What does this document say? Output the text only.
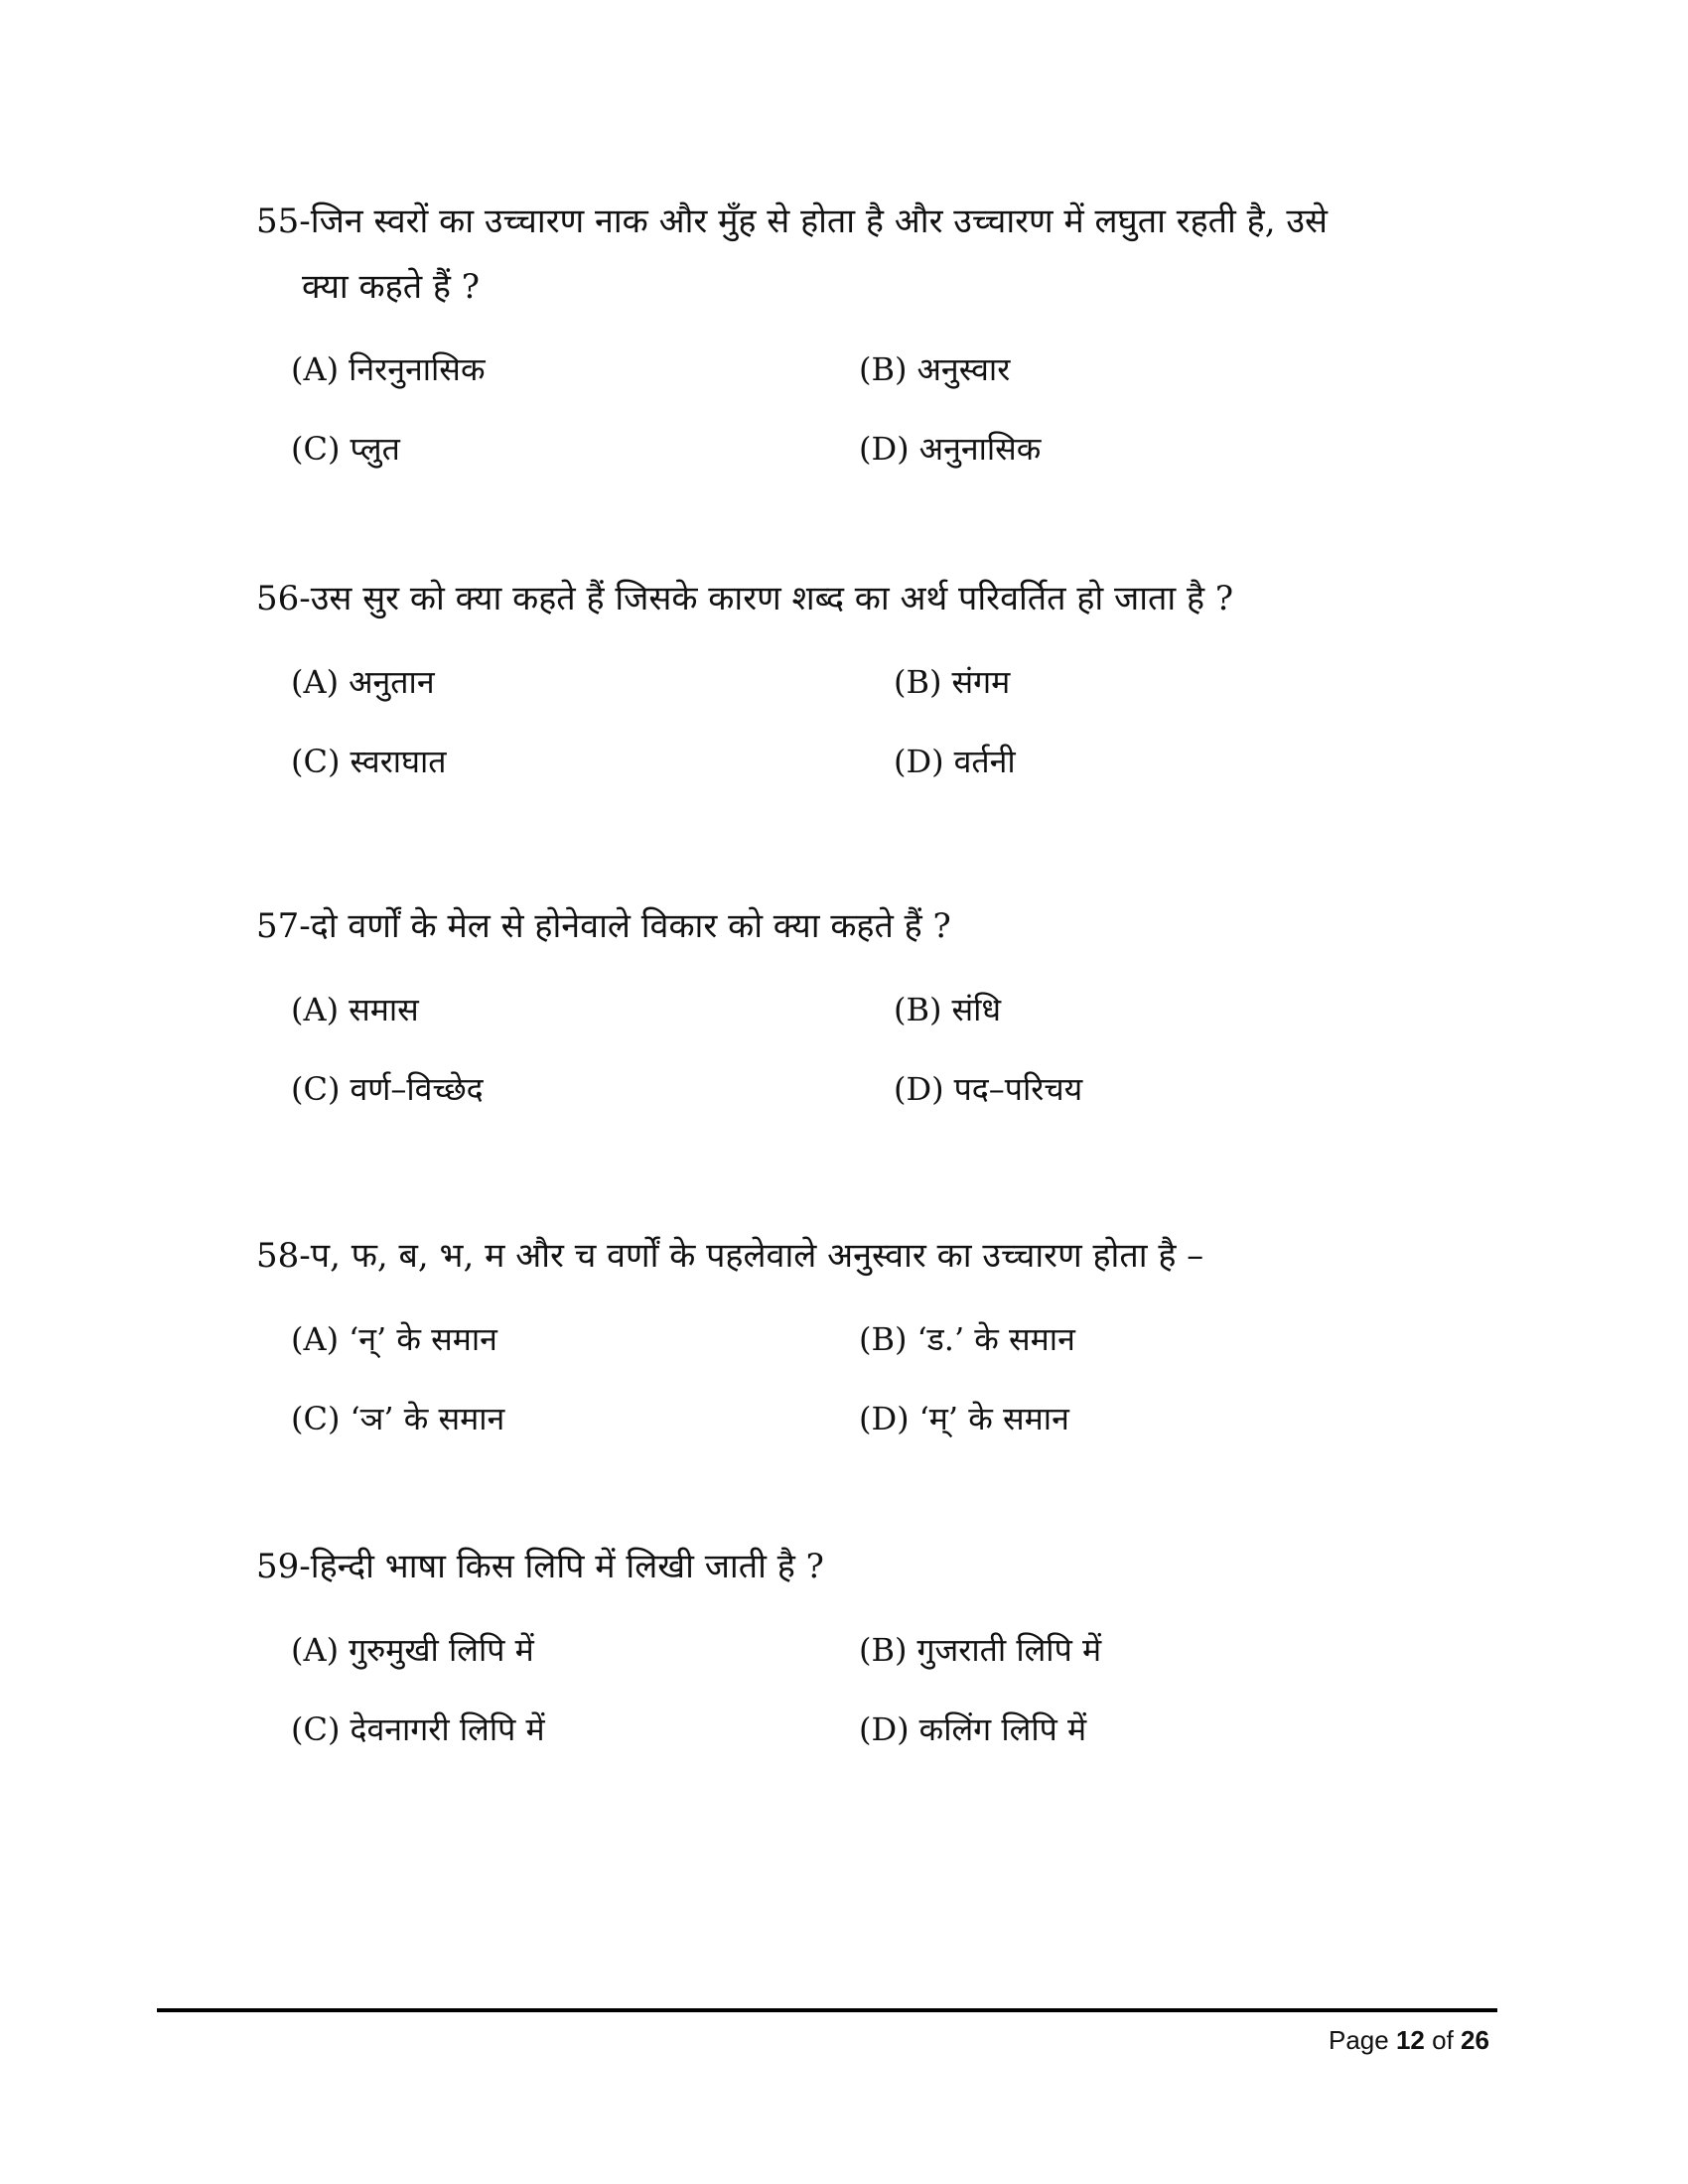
55-जिन स्वरों का उच्चारण नाक और मुँह से होता है और उच्चारण में लघुता रहती है, उसे
क्या कहते हैं ?
(A) निरनुनासिक	(B) अनुस्वार
(C) प्लुत	(D) अनुनासिक
56-उस सुर को क्या कहते हैं जिसके कारण शब्द का अर्थ परिवर्तित हो जाता है ?
(A) अनुतान	(B) संगम
(C) स्वराघात	(D) वर्तनी
57-दो वर्णों के मेल से होनेवाले विकार को क्या कहते हैं ?
(A) समास	(B) संधि
(C) वर्ण–विच्छेद	(D) पद–परिचय
58-प, फ, ब, भ, म और च वर्णों के पहलेवाले अनुस्वार का उच्चारण होता है –
(A) ‘न्’ के समान	(B) ‘ड.’ के समान
(C) ‘ञ’ के समान	(D) ‘म्’ के समान
59-हिन्दी भाषा किस लिपि में लिखी जाती है ?
(A) गुरुमुखी लिपि में	(B) गुजराती लिपि में
(C) देवनागरी लिपि में	(D) कलिंग लिपि में
Page 12 of 26
